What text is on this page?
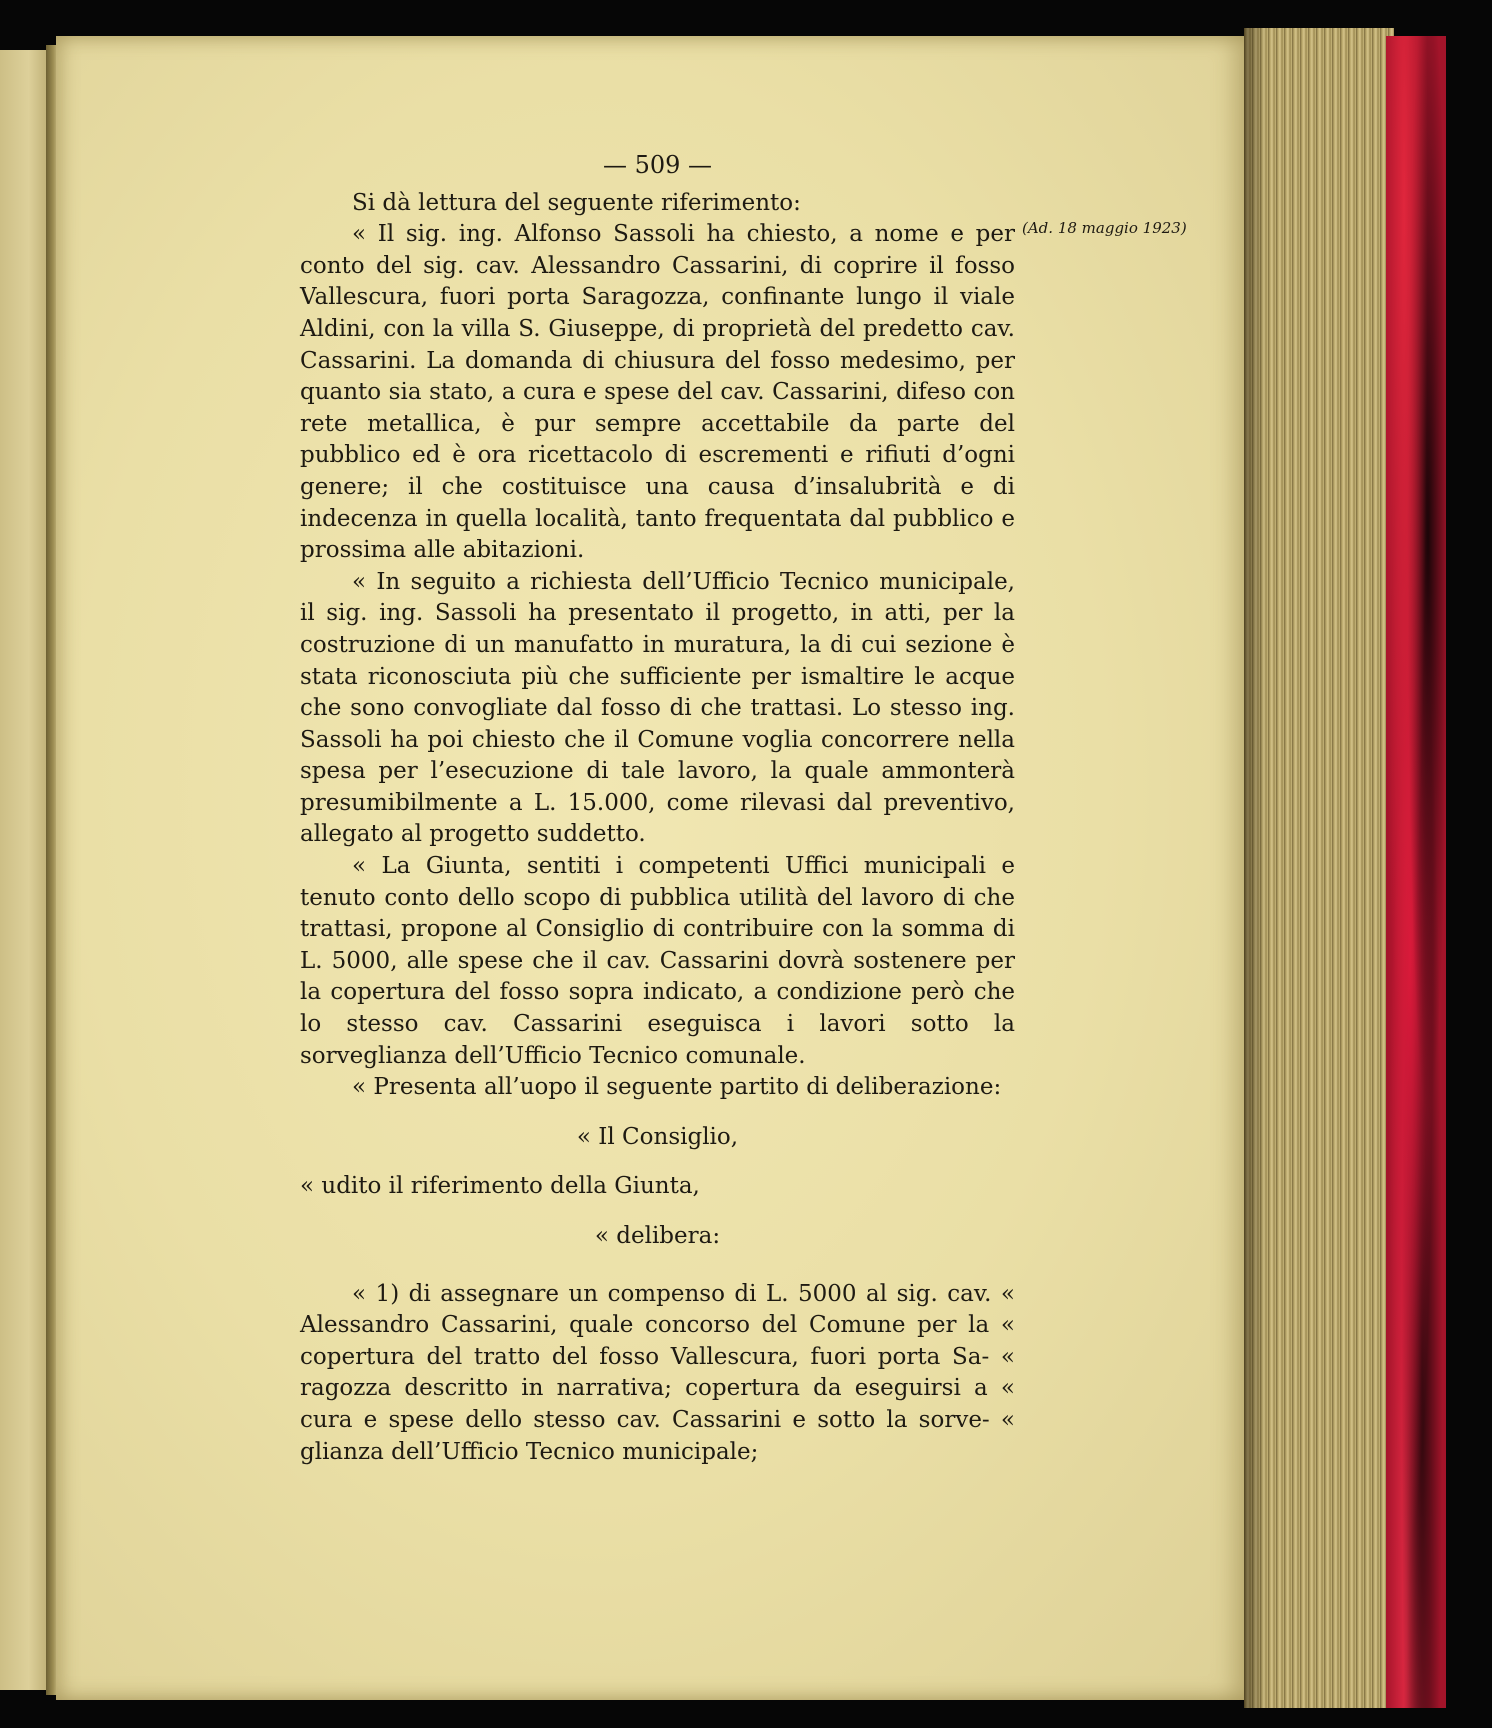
(Ad. 18 maggio 1923)
— 509 —

Si dà lettura del seguente riferimento:

« Il sig. ing. Alfonso Sassoli ha chiesto, a nome e per conto del sig. cav. Alessandro Cassarini, di coprire il fosso Vallescura, fuori porta Saragozza, confinante lungo il viale Aldini, con la villa S. Giuseppe, di proprietà del predetto cav. Cassarini. La domanda di chiusura del fosso medesimo, per quanto sia stato, a cura e spese del cav. Cassarini, difeso con rete metallica, è pur sempre accettabile da parte del pubblico ed è ora ricettacolo di escrementi e rifiuti d’ogni genere; il che costituisce una causa d’insalubrità e di indecenza in quella località, tanto frequentata dal pubblico e prossima alle abitazioni.

« In seguito a richiesta dell’Ufficio Tecnico municipale, il sig. ing. Sassoli ha presentato il progetto, in atti, per la costruzione di un manufatto in muratura, la di cui sezione è stata riconosciuta più che sufficiente per ismaltire le acque che sono convogliate dal fosso di che trattasi. Lo stesso ing. Sassoli ha poi chiesto che il Comune voglia concorrere nella spesa per l’esecuzione di tale lavoro, la quale ammonterà presumibilmente a L. 15.000, come rilevasi dal preventivo, allegato al progetto suddetto.

« La Giunta, sentiti i competenti Uffici municipali e tenuto conto dello scopo di pubblica utilità del lavoro di che trattasi, propone al Consiglio di contribuire con la somma di L. 5000, alle spese che il cav. Cassarini dovrà sostenere per la copertura del fosso sopra indicato, a condizione però che lo stesso cav. Cassarini eseguisca i lavori sotto la sorveglianza dell’Ufficio Tecnico comunale.

« Presenta all’uopo il seguente partito di deliberazione:

« Il Consiglio,

« udito il riferimento della Giunta,

« delibera:

« 1) di assegnare un compenso di L. 5000 al sig. cav. « Alessandro Cassarini, quale concorso del Comune per la « copertura del tratto del fosso Vallescura, fuori porta Sa- « ragozza descritto in narrativa; copertura da eseguirsi a « cura e spese dello stesso cav. Cassarini e sotto la sorve- « glianza dell’Ufficio Tecnico municipale;
